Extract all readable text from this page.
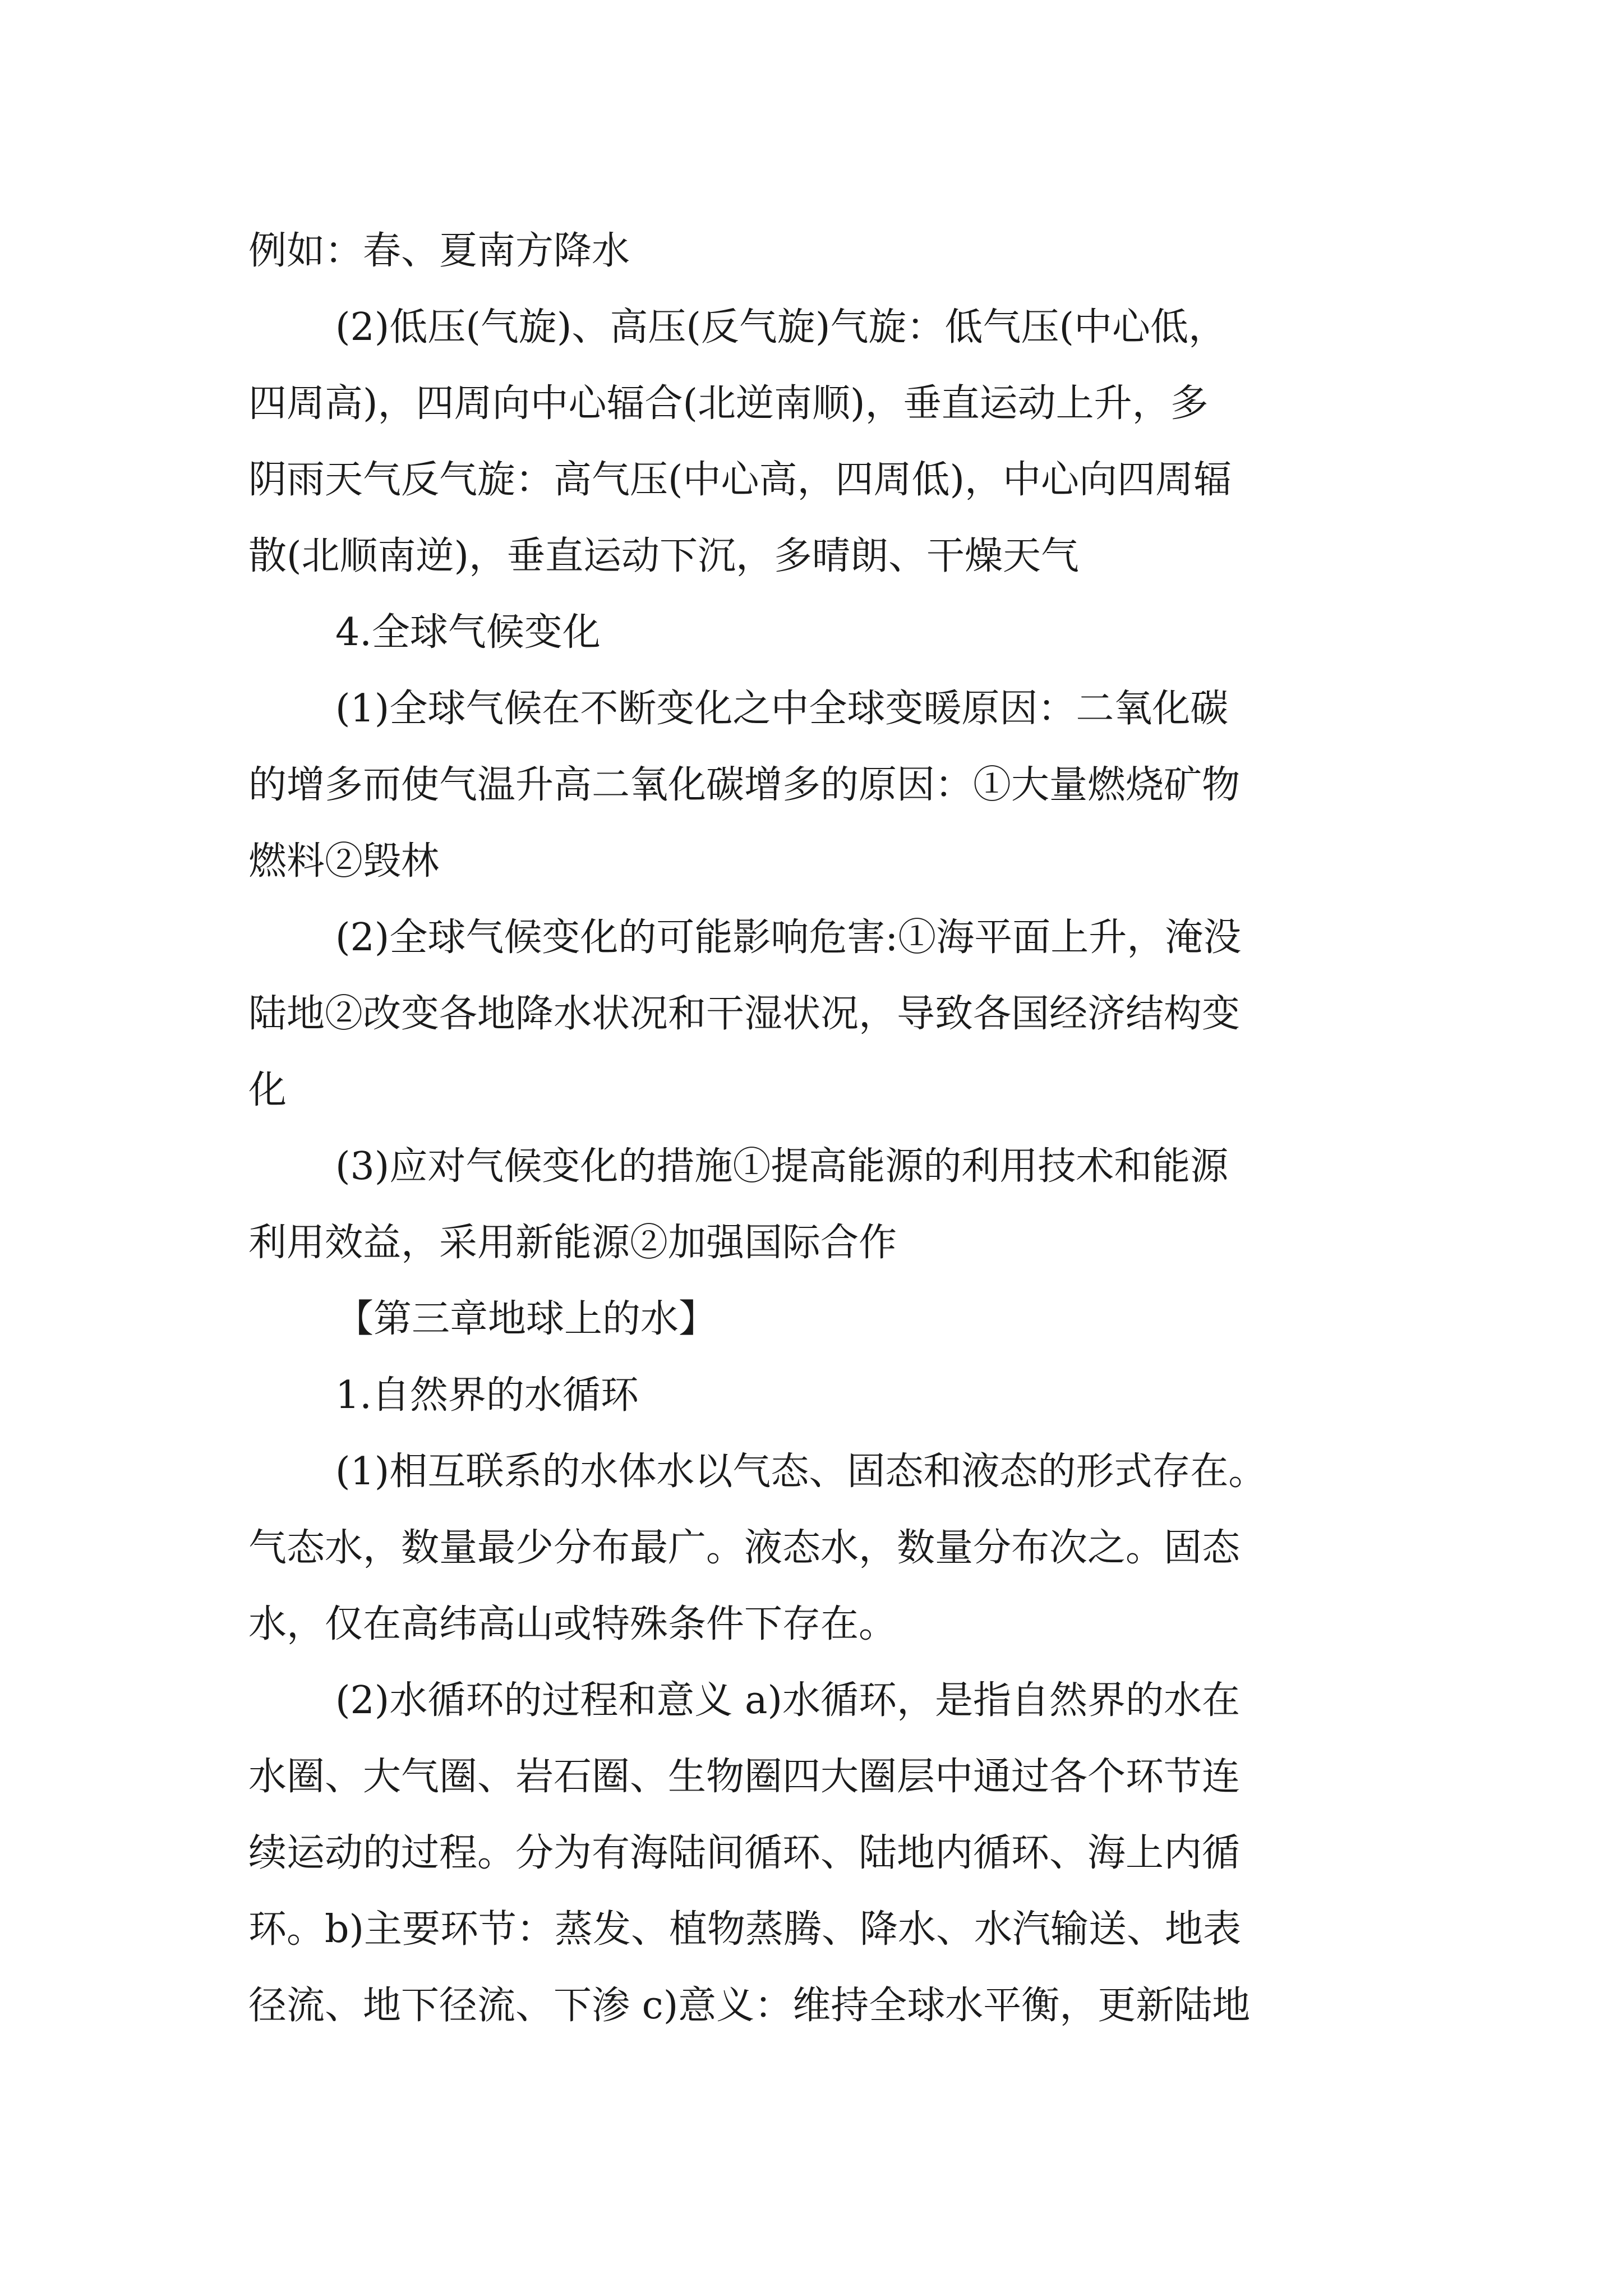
例如：春、夏南方降水
(2)低压(气旋)、高压(反气旋)气旋：低气压(中心低，
四周高)，四周向中心辐合(北逆南顺)，垂直运动上升，多
阴雨天气反气旋：高气压(中心高，四周低)，中心向四周辐
散(北顺南逆)，垂直运动下沉，多晴朗、干燥天气
4.全球气候变化
(1)全球气候在不断变化之中全球变暖原因：二氧化碳
的增多而使气温升高二氧化碳增多的原因：①大量燃烧矿物
燃料②毁林
(2)全球气候变化的可能影响危害:①海平面上升，淹没
陆地②改变各地降水状况和干湿状况，导致各国经济结构变
化
(3)应对气候变化的措施①提高能源的利用技术和能源
利用效益，采用新能源②加强国际合作
【第三章地球上的水】
1.自然界的水循环
(1)相互联系的水体水以气态、固态和液态的形式存在。
气态水，数量最少分布最广。液态水，数量分布次之。固态
水，仅在高纬高山或特殊条件下存在。
(2)水循环的过程和意义 a)水循环，是指自然界的水在
水圈、大气圈、岩石圈、生物圈四大圈层中通过各个环节连
续运动的过程。分为有海陆间循环、陆地内循环、海上内循
环。b)主要环节：蒸发、植物蒸腾、降水、水汽输送、地表
径流、地下径流、下渗 c)意义：维持全球水平衡，更新陆地
